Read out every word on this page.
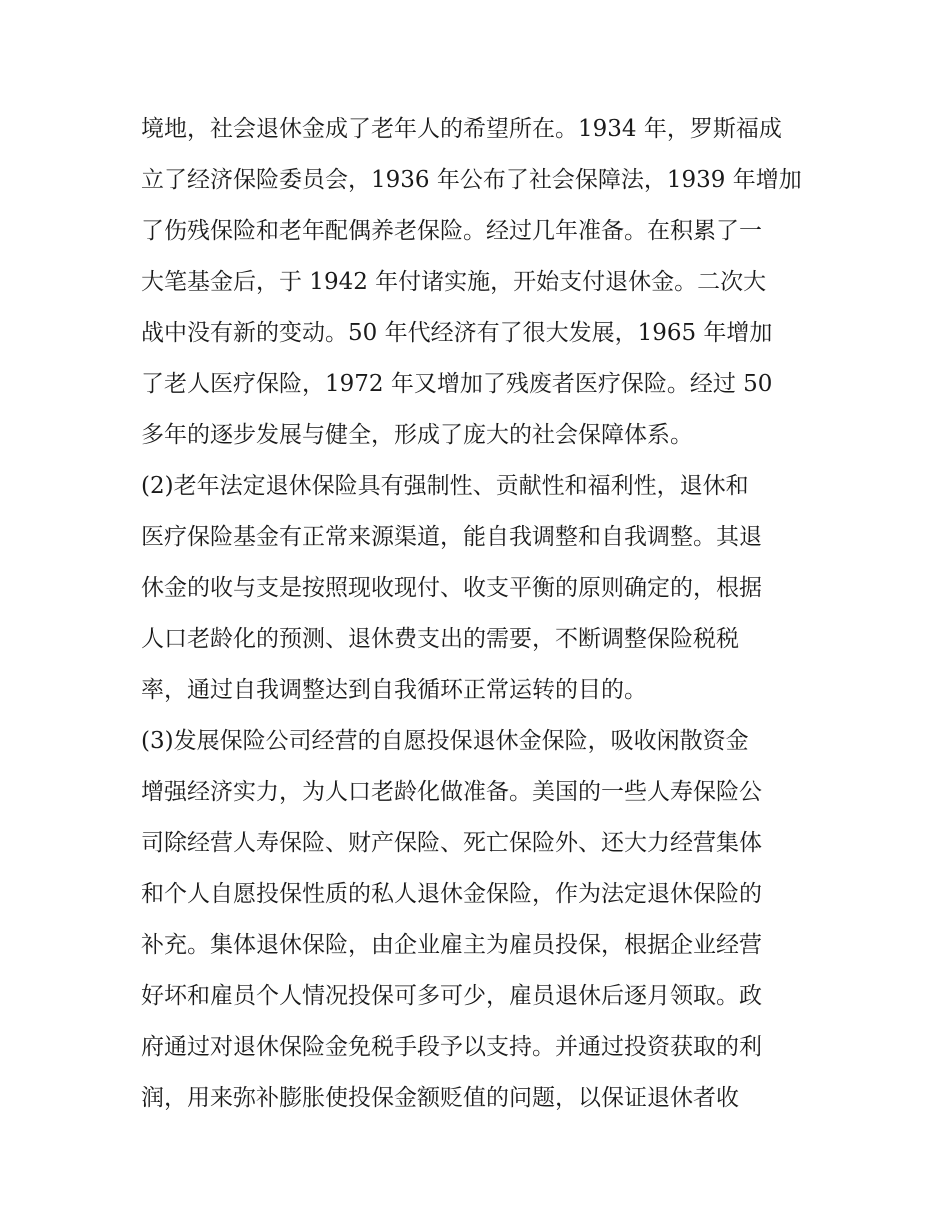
境地，社会退休金成了老年人的希望所在。1934 年，罗斯福成
立了经济保险委员会，1936 年公布了社会保障法，1939 年增加
了伤残保险和老年配偶养老保险。经过几年准备。在积累了一
大笔基金后，于 1942 年付诸实施，开始支付退休金。二次大
战中没有新的变动。50 年代经济有了很大发展，1965 年增加
了老人医疗保险，1972 年又增加了残废者医疗保险。经过 50
多年的逐步发展与健全，形成了庞大的社会保障体系。
(2)老年法定退休保险具有强制性、贡献性和福利性，退休和
医疗保险基金有正常来源渠道，能自我调整和自我调整。其退
休金的收与支是按照现收现付、收支平衡的原则确定的，根据
人口老龄化的预测、退休费支出的需要，不断调整保险税税
率，通过自我调整达到自我循环正常运转的目的。
(3)发展保险公司经营的自愿投保退休金保险，吸收闲散资金
增强经济实力，为人口老龄化做准备。美国的一些人寿保险公
司除经营人寿保险、财产保险、死亡保险外、还大力经营集体
和个人自愿投保性质的私人退休金保险，作为法定退休保险的
补充。集体退休保险，由企业雇主为雇员投保，根据企业经营
好坏和雇员个人情况投保可多可少，雇员退休后逐月领取。政
府通过对退休保险金免税手段予以支持。并通过投资获取的利
润，用来弥补膨胀使投保金额贬值的问题，以保证退休者收
